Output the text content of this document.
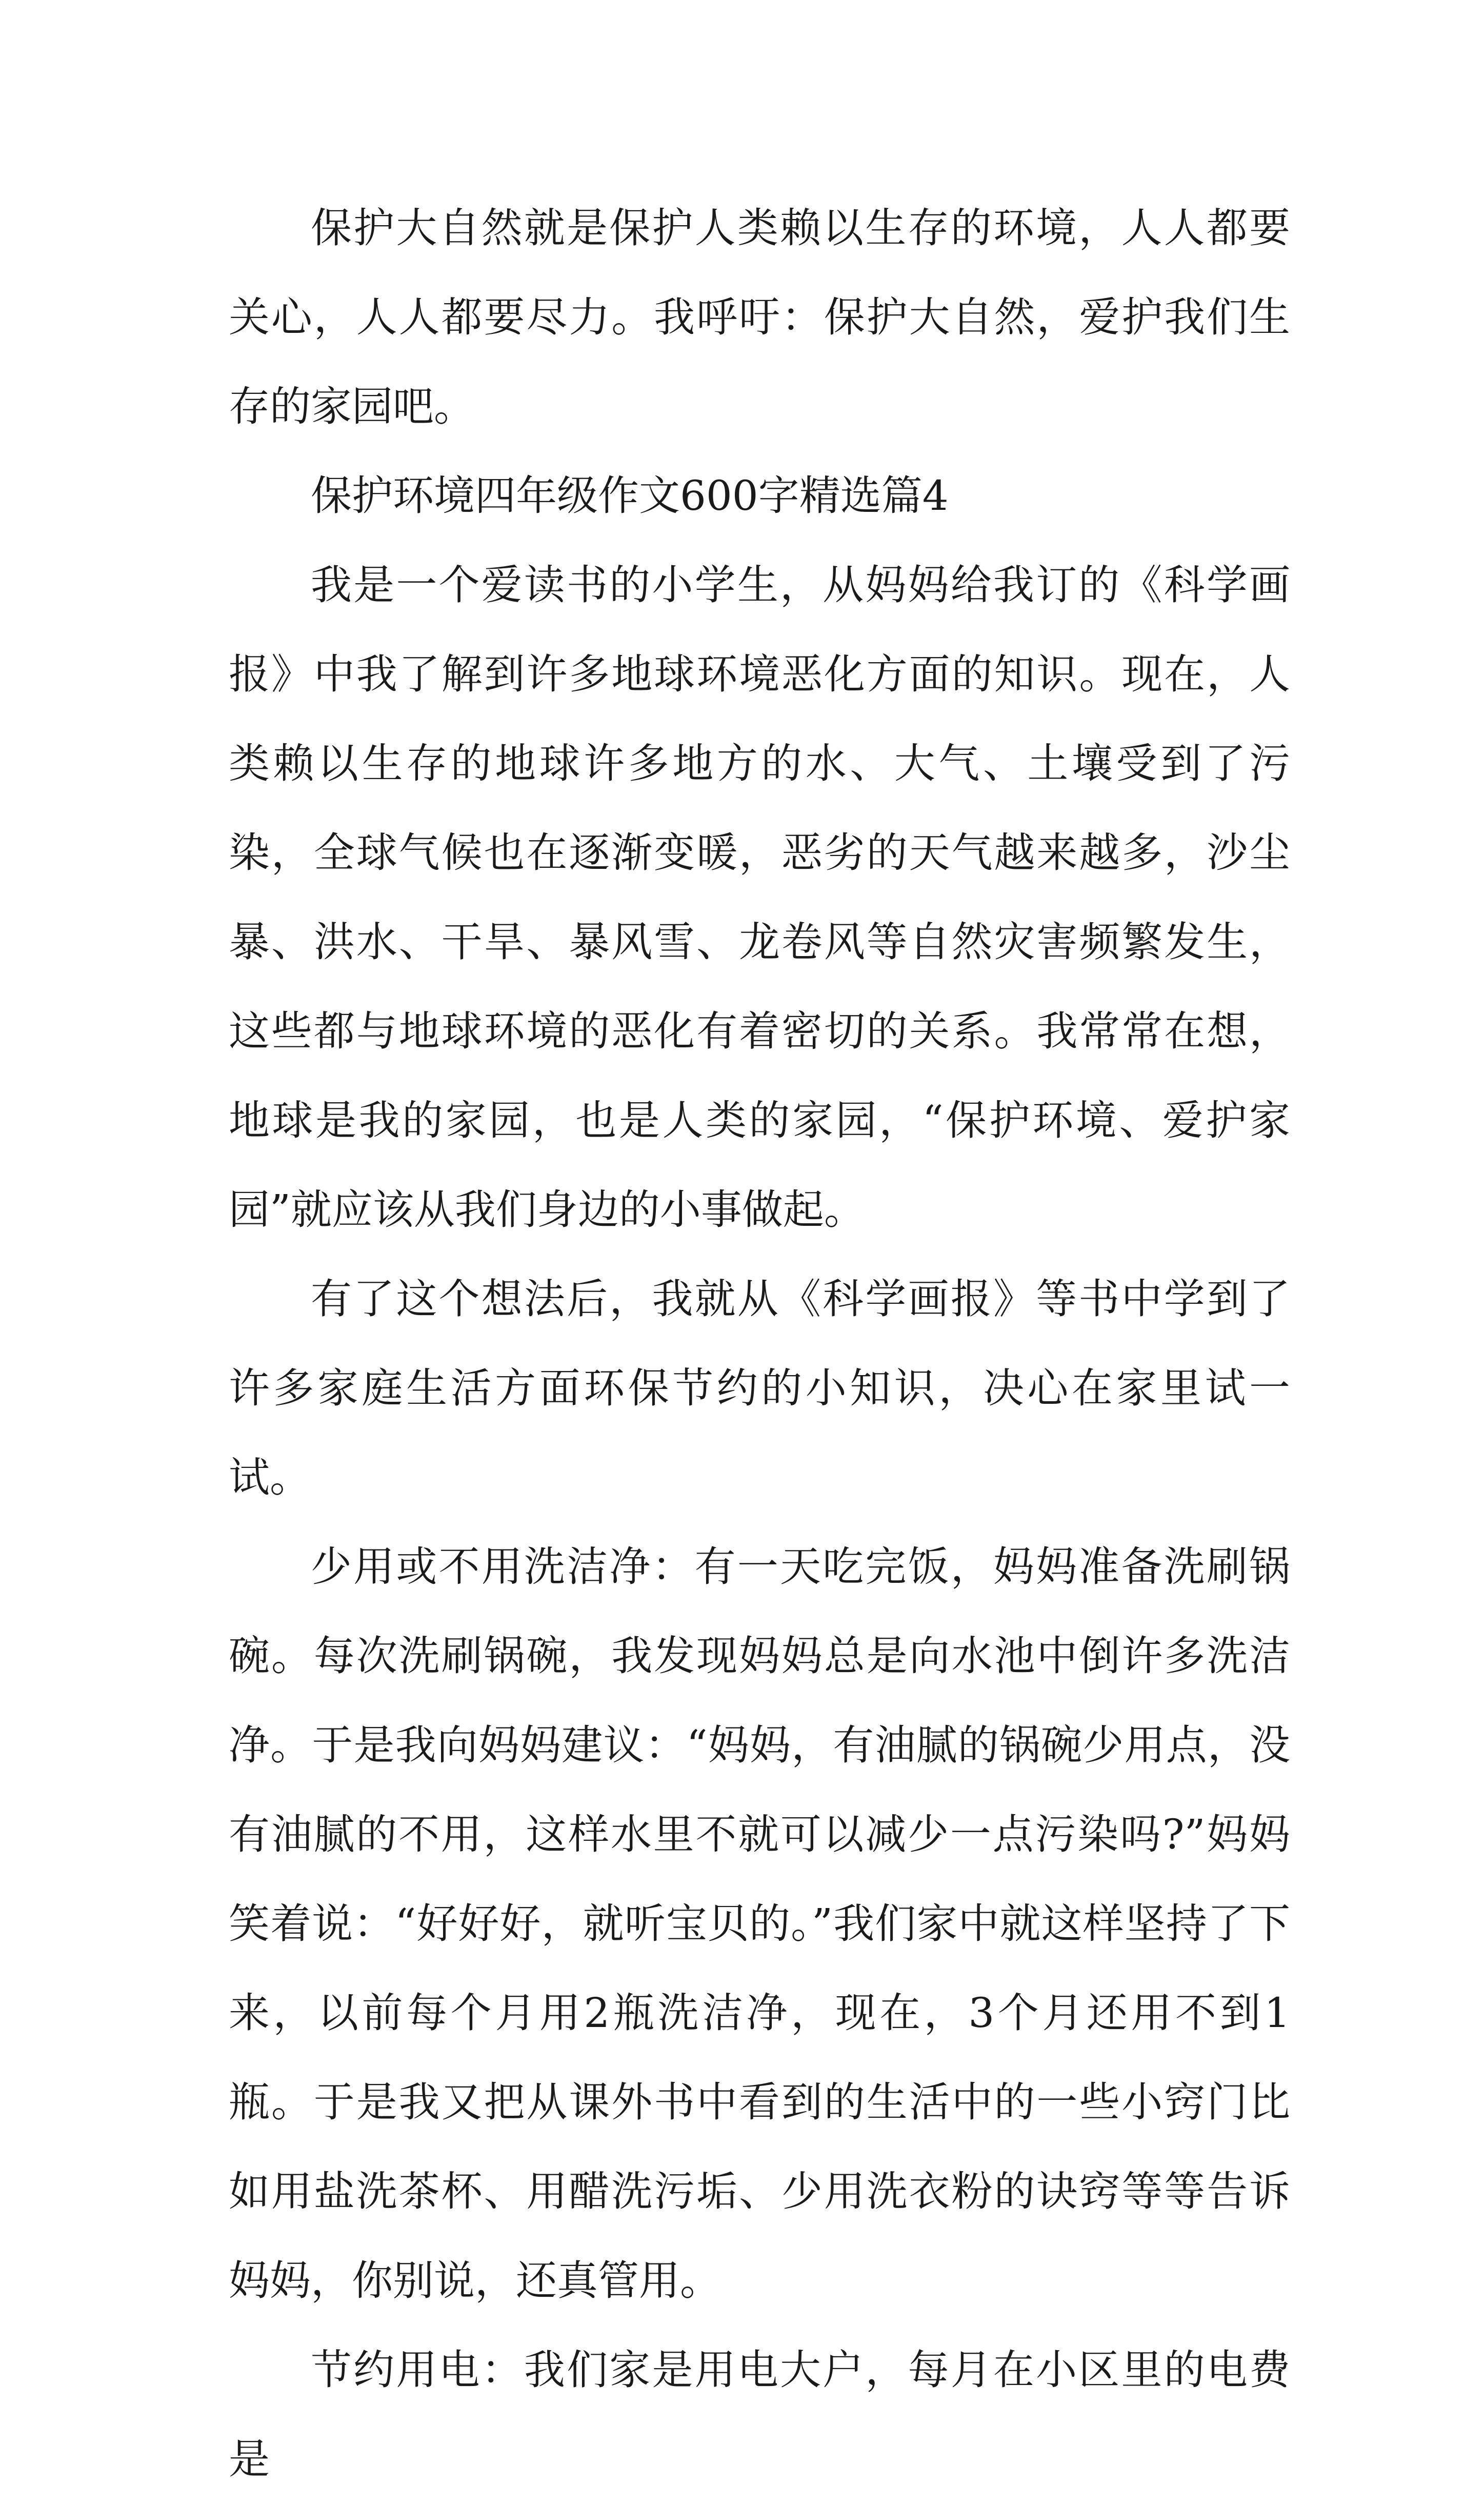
保护大自然就是保护人类赖以生存的环境，人人都要关心，人人都要尽力。我呼吁：保护大自然，爱护我们生存的家园吧。

保护环境四年级作文600字精选篇4

我是一个爱读书的小学生，从妈妈给我订的《科学画报》中我了解到许多地球环境恶化方面的知识。现在，人类赖以生存的地球许多地方的水、大气、土壤受到了污染，全球气候也在逐渐变暖，恶劣的天气越来越多，沙尘暴、洪水、干旱、暴风雪、龙卷风等自然灾害频繁发生，这些都与地球环境的恶化有着密切的关系。我常常在想，地球是我的家园，也是人类的家园，“保护环境、爱护家园”就应该从我们身边的小事做起。

有了这个想法后，我就从《科学画报》等书中学到了许多家庭生活方面环保节约的小知识，决心在家里试一试。

少用或不用洗洁净：有一天吃完饭，妈妈准备洗刷锅碗。每次洗刷锅碗，我发现妈妈总是向水池中倒许多洗洁净。于是我向妈妈建议：“妈妈，有油腻的锅碗少用点，没有油腻的不用，这样水里不就可以减少一点污染吗?”妈妈笑着说：“好好好，就听宝贝的。”我们家中就这样坚持了下来，以前每个月用2瓶洗洁净，现在，3个月还用不到1瓶。于是我又把从课外书中看到的生活中的一些小窍门比如用盐洗茶杯、用醋洗污垢、少用洗衣粉的诀窍等等告诉妈妈，你别说，还真管用。

节约用电：我们家是用电大户，每月在小区里的电费是
